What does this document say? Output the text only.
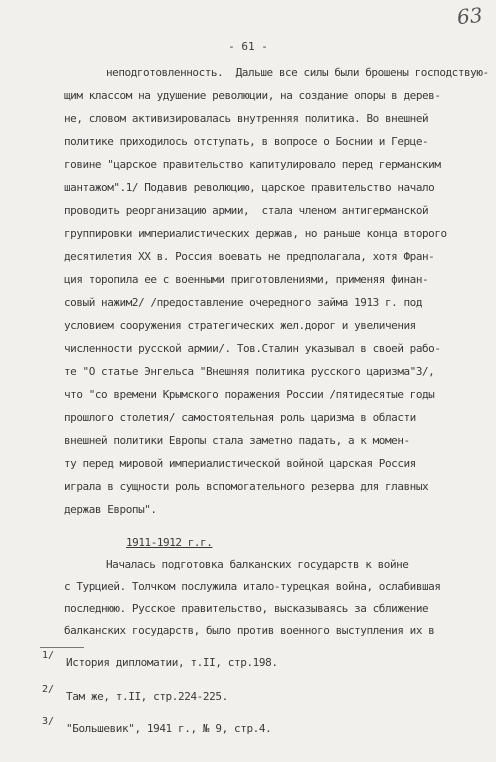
63
- 61 -
неподготовленность.  Дальше все силы были брошены господствую-
щим классом на удушение революции, на создание опоры в дерев-
не, словом активизировалась внутренняя политика. Во внешней
политике приходилось отступать, в вопросе о Боснии и Герце-
говине "царское правительство капитулировало перед германским
шантажом".1/ Подавив революцию, царское правительство начало
проводить реорганизацию армии,  стала членом антигерманской
группировки империалистических держав, но раньше конца второго
десятилетия XX в. Россия воевать не предполагала, хотя Фран-
ция торопила ее с военными приготовлениями, применяя финан-
совый нажим2/ /предоставление очередного займа 1913 г. под
условием сооружения стратегических жел.дорог и увеличения
численности русской армии/. Тов.Сталин указывал в своей рабо-
те "О статье Энгельса "Внешняя политика русского царизма"3/,
что "со времени Крымского поражения России /пятидесятые годы
прошлого столетия/ самостоятельная роль царизма в области
внешней политики Европы стала заметно падать, а к момен-
ту перед мировой империалистической войной царская Россия
играла в сущности роль вспомогательного резерва для главных
держав Европы".
1911-1912 г.г.
Началась подготовка балканских государств к войне
с Турцией. Толчком послужила итало-турецкая война, ослабившая
последнюю. Русское правительство, высказываясь за сближение
балканских государств, было против военного выступления их в
1/
История дипломатии, т.II, стр.198.
2/
Там же, т.II, стр.224-225.
3/
"Большевик", 1941 г., № 9, стр.4.
